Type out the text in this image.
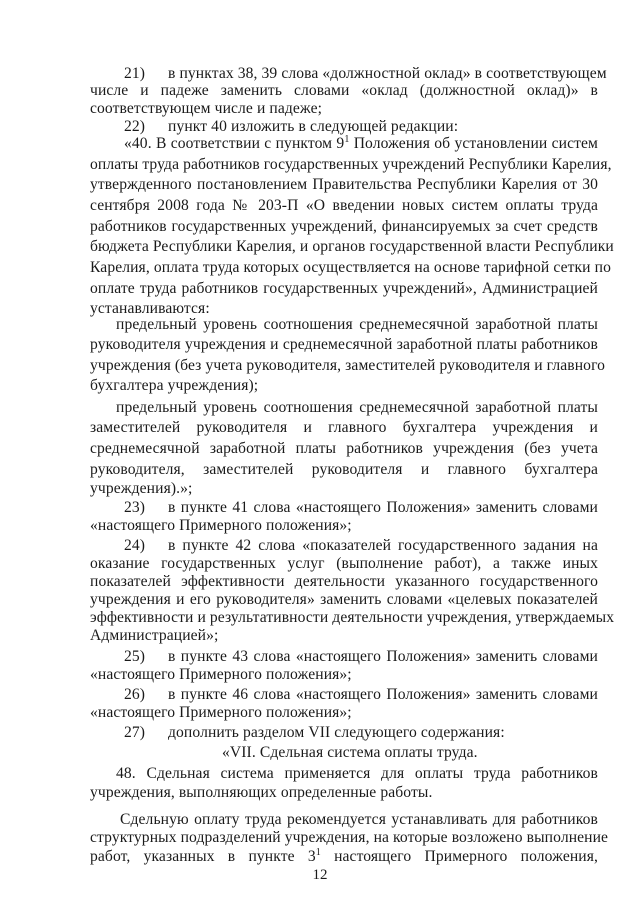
21) в пунктах 38, 39 слова «должностной оклад» в соответствующем
числе и падеже заменить словами «оклад (должностной оклад)» в
соответствующем числе и падеже;
22) пункт 40 изложить в следующей редакции:
«40. В соответствии с пунктом $9^1$ Положения об установлении систем
оплаты труда работников государственных учреждений Республики Карелия,
утвержденного постановлением Правительства Республики Карелия от 30
сентября 2008 года № 203-П «О введении новых систем оплаты труда
работников государственных учреждений, финансируемых за счет средств
бюджета Республики Карелия, и органов государственной власти Республики
Карелия, оплата труда которых осуществляется на основе тарифной сетки по
оплате труда работников государственных учреждений», Администрацией
устанавливаются:
предельный уровень соотношения среднемесячной заработной платы
руководителя учреждения и среднемесячной заработной платы работников
учреждения (без учета руководителя, заместителей руководителя и главного
бухгалтера учреждения);
предельный уровень соотношения среднемесячной заработной платы
заместителей руководителя и главного бухгалтера учреждения и
среднемесячной заработной платы работников учреждения (без учета
руководителя, заместителей руководителя и главного бухгалтера
учреждения).»;
23) в пункте 41 слова «настоящего Положения» заменить словами
«настоящего Примерного положения»;
24) в пункте 42 слова «показателей государственного задания на
оказание государственных услуг (выполнение работ), а также иных
показателей эффективности деятельности указанного государственного
учреждения и его руководителя» заменить словами «целевых показателей
эффективности и результативности деятельности учреждения, утверждаемых
Администрацией»;
25) в пункте 43 слова «настоящего Положения» заменить словами
«настоящего Примерного положения»;
26) в пункте 46 слова «настоящего Положения» заменить словами
«настоящего Примерного положения»;
27) дополнить разделом VII следующего содержания:
«VII. Сдельная система оплаты труда.
48. Сдельная система применяется для оплаты труда работников
учреждения, выполняющих определенные работы.
Сдельную оплату труда рекомендуется устанавливать для работников
структурных подразделений учреждения, на которые возложено выполнение
работ, указанных в пункте $3^1$ настоящего Примерного положения,
12
